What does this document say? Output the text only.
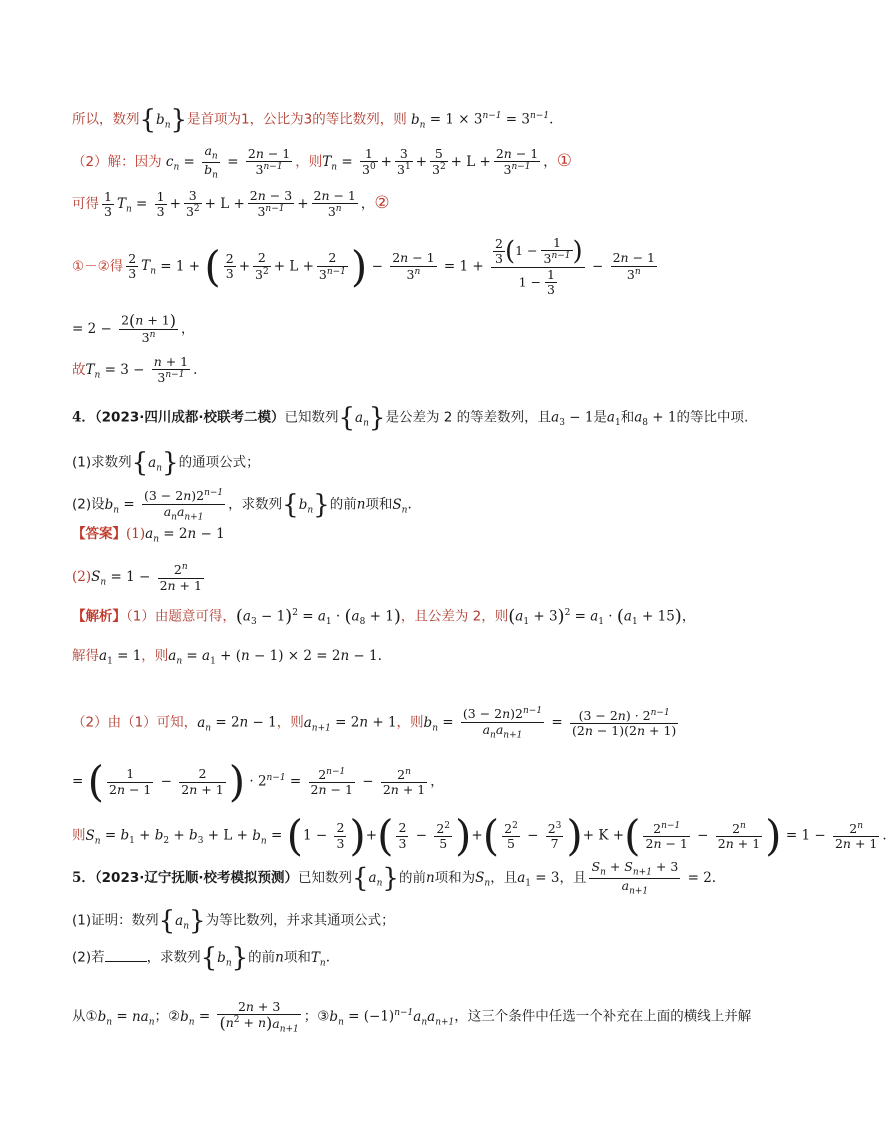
所以，数列$\{b_n\}$是首项为1，公比为3的等比数列，则 $b_n = 1 \times 3^{n-1} = 3^{n-1}$.
（2）解：因为 $c_n = \frac{a_n}{b_n} = \frac{2n - 1}{3^{n-1}}$ ，则$T_n = \frac{1}{3^0} + \frac{3}{3^1} + \frac{5}{3^2} + L + \frac{2n - 1}{3^{n-1}}$ ，①
可得 $\frac{1}{3} T_n = \frac{1}{3} + \frac{3}{3^2} + L + \frac{2n - 3}{3^{n-1}} + \frac{2n - 1}{3^n}$ ，②
①－②得 $\frac{2}{3} T_n = 1$ + ( $\frac{2}{3} + \frac{2}{3^2} + L + \frac{2}{3^{n-1}}$ ) − $\frac{2n - 1}{3^n} = 1 + \frac{\frac{2}{3} (1 - \frac{1}{3^{n-1}} )}{1 - \frac{1}{3}} - \frac{2n - 1}{3^n}$
= $2 - \frac{2(n + 1)}{3^n}$ ，
故$T_n = 3 - \frac{n + 1}{3^{n-1}}$ .
4．（2023·四川成都·校联考二模）已知数列$\{a_n\}$是公差为 2 的等差数列，且$a_3 - 1$是$a_1$和$a_8 + 1$的等比中项.
(1)求数列$\{a_n\}$的通项公式；
(2)设$b_n = \frac{(3 - 2n)2^{n-1}}{a_na_{n+1}}$ ，求数列$\{b_n\}$的前n项和$S_n$.
【答案】$(1)a_n = 2n - 1$
$(2)S_n = 1 - \frac{2^n}{2n + 1}$
【解析】（1）由题意可得，$(a_3 - 1)^2 = a_1 \cdot (a_8 + 1)$，且公差为 2，则$(a_1 + 3)^2 = a_1 \cdot (a_1 + 15)$，
解得$a_1 = 1$，则$a_n = a_1 + (n - 1) \times 2 = 2n - 1$.
（2）由（1）可知，$a_n = 2n - 1$，则$a_{n+1} = 2n + 1$，则$b_n = \frac{(3 - 2n)2^{n-1}}{a_na_{n+1}} = \frac{(3 - 2n) \cdot 2^{n-1}}{(2n - 1)(2n + 1)}$
= ( $\frac{1}{2n - 1} - \frac{2}{2n + 1}$ ) · $2^{n-1} = \frac{2^{n-1}}{2n - 1} - \frac{2^n}{2n + 1}$ ，
则$S_n = b_1 + b_2 + b_3 + L + b_n = (1 - \frac{2}{3}$ )+( $\frac{2}{3} - \frac{2^2}{5}$ )+( $\frac{2^2}{5} - \frac{2^3}{7}$ )+ K +( $\frac{2^{n-1}}{2n - 1} - \frac{2^n}{2n + 1}$ ) = $1 - \frac{2^n}{2n + 1}$ .
5．（2023·辽宁抚顺·校考模拟预测）已知数列$\{a_n\}$的前n项和为$S_n$，且$a_1 = 3$，且 $\frac{S_n + S_{n+1} + 3}{a_{n+1}} = 2$.
(1)证明：数列$\{a_n\}$为等比数列，并求其通项公式；
(2)若	，求数列$\{b_n\}$的前n项和$T_n$.
从$①b_n = na_n$；$②b_n = \frac{2n + 3}{(n^2 + n)a_{n+1}}$ ；$③b_n = (-1)^{n-1}a_na_{n+1}$，这三个条件中任选一个补充在上面的横线上并解
